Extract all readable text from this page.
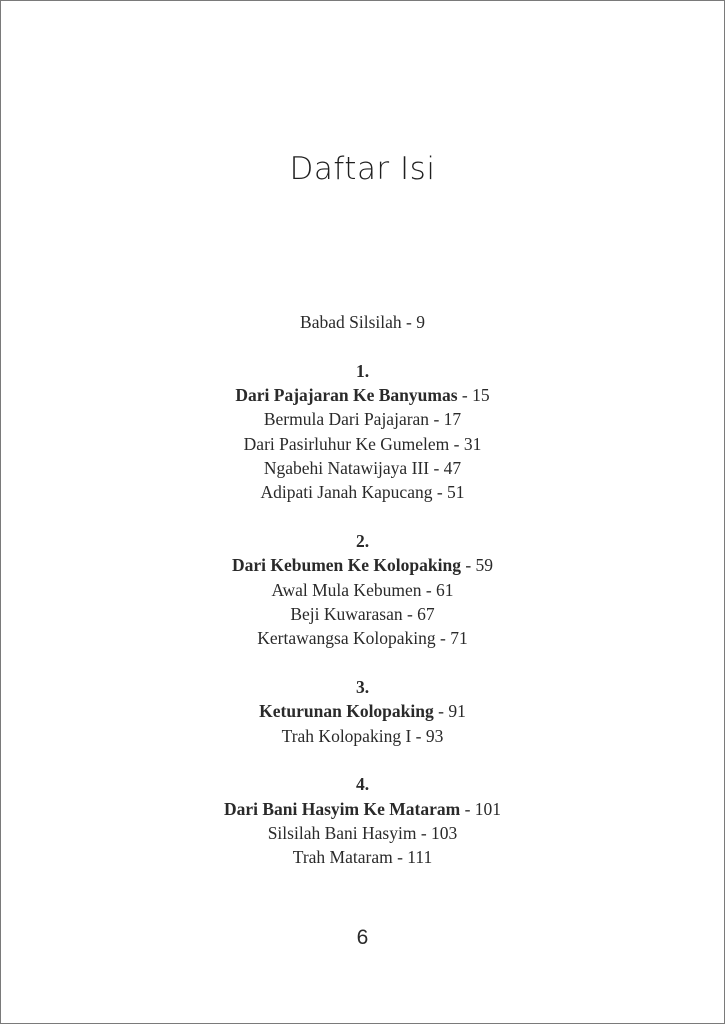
Daftar Isi
Babad Silsilah - 9
1.
Dari Pajajaran Ke Banyumas - 15
Bermula Dari Pajajaran - 17
Dari Pasirluhur Ke Gumelem - 31
Ngabehi Natawijaya III - 47
Adipati Janah Kapucang - 51
2.
Dari Kebumen Ke Kolopaking - 59
Awal Mula Kebumen - 61
Beji Kuwarasan - 67
Kertawangsa Kolopaking - 71
3.
Keturunan Kolopaking - 91
Trah Kolopaking I - 93
4.
Dari Bani Hasyim Ke Mataram - 101
Silsilah Bani Hasyim - 103
Trah Mataram - 111
6
